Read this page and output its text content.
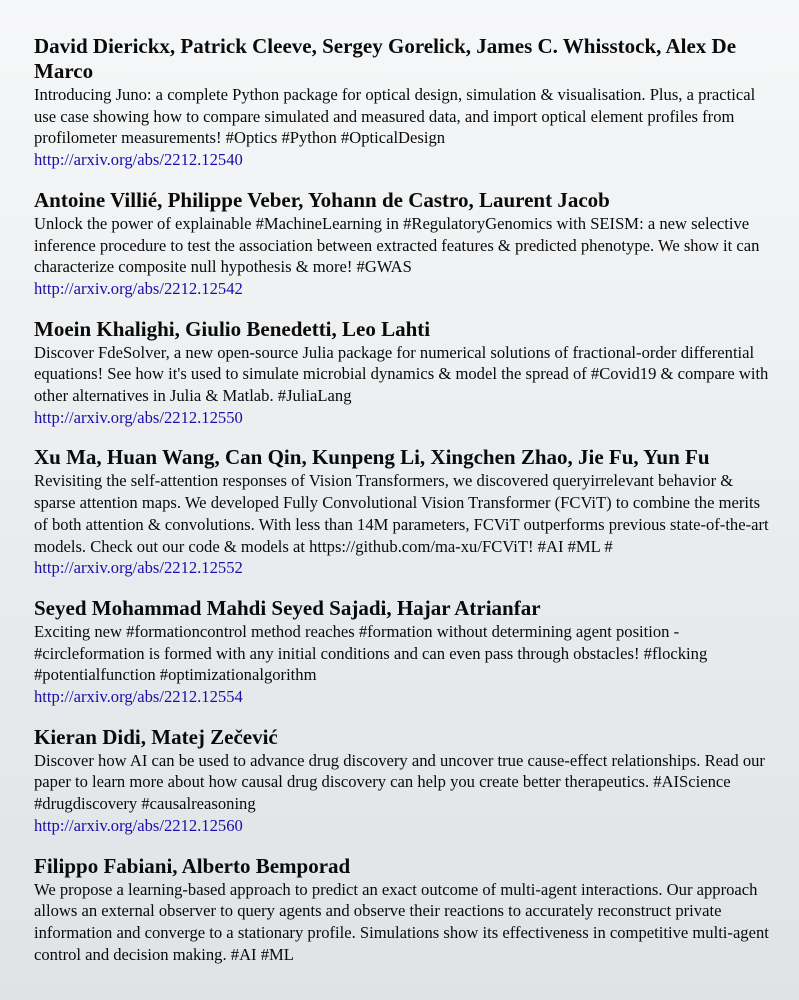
David Dierickx, Patrick Cleeve, Sergey Gorelick, James C. Whisstock, Alex De Marco
Introducing Juno: a complete Python package for optical design, simulation & visualisation. Plus, a practical use case showing how to compare simulated and measured data, and import optical element profiles from profilometer measurements! #Optics #Python #OpticalDesign
http://arxiv.org/abs/2212.12540
Antoine Villié, Philippe Veber, Yohann de Castro, Laurent Jacob
Unlock the power of explainable #MachineLearning in #RegulatoryGenomics with SEISM: a new selective inference procedure to test the association between extracted features & predicted phenotype. We show it can characterize composite null hypothesis & more! #GWAS
http://arxiv.org/abs/2212.12542
Moein Khalighi, Giulio Benedetti, Leo Lahti
Discover FdeSolver, a new open-source Julia package for numerical solutions of fractional-order differential equations! See how it's used to simulate microbial dynamics & model the spread of #Covid19 & compare with other alternatives in Julia & Matlab. #JuliaLang
http://arxiv.org/abs/2212.12550
Xu Ma, Huan Wang, Can Qin, Kunpeng Li, Xingchen Zhao, Jie Fu, Yun Fu
Revisiting the self-attention responses of Vision Transformers, we discovered queryirrelevant behavior & sparse attention maps. We developed Fully Convolutional Vision Transformer (FCViT) to combine the merits of both attention & convolutions. With less than 14M parameters, FCViT outperforms previous state-of-the-art models. Check out our code & models at https://github.com/ma-xu/FCViT! #AI #ML #
http://arxiv.org/abs/2212.12552
Seyed Mohammad Mahdi Seyed Sajadi, Hajar Atrianfar
Exciting new #formationcontrol method reaches #formation without determining agent position - #circleformation is formed with any initial conditions and can even pass through obstacles! #flocking #potentialfunction #optimizationalgorithm
http://arxiv.org/abs/2212.12554
Kieran Didi, Matej Zečević
Discover how AI can be used to advance drug discovery and uncover true cause-effect relationships. Read our paper to learn more about how causal drug discovery can help you create better therapeutics. #AIScience #drugdiscovery #causalreasoning
http://arxiv.org/abs/2212.12560
Filippo Fabiani, Alberto Bemporad
We propose a learning-based approach to predict an exact outcome of multi-agent interactions. Our approach allows an external observer to query agents and observe their reactions to accurately reconstruct private information and converge to a stationary profile. Simulations show its effectiveness in competitive multi-agent control and decision making. #AI #ML
